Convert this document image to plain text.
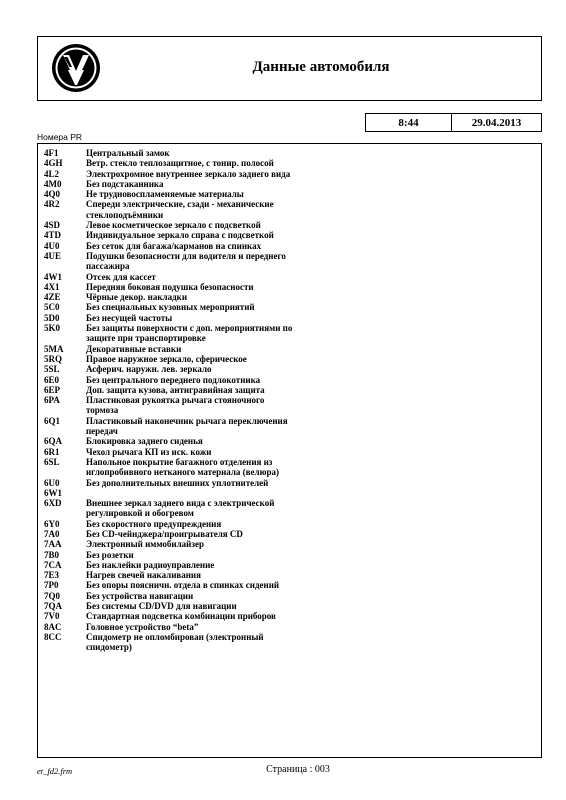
Данные автомобиля
8:44	29.04.2013
Номера PR
4F1	Центральный замок
4GH	Ветр. стекло теплозащитное, с тонир. полосой
4L2	Электрохромное внутреннее зеркало заднего вида
4M0	Без подстаканника
4Q0	Не трудновоспламеняемые материалы
4R2	Спереди электрические, сзади - механические стеклоподъёмники
4SD	Левое косметическое зеркало с подсветкой
4TD	Индивидуальное зеркало справа с подсветкой
4U0	Без сеток для багажа/карманов на спинках
4UE	Подушки безопасности для водителя и переднего пассажира
4W1	Отсек для кассет
4X1	Передняя боковая подушка безопасности
4ZE	Чёрные декор. накладки
5C0	Без специальных кузовных мероприятий
5D0	Без несущей частоты
5K0	Без защиты поверхности с доп. мероприятиями по защите при транспортировке
5MA	Декоративные вставки
5RQ	Правое наружное зеркало, сферическое
5SL	Асферич. наружн. лев. зеркало
6E0	Без центрального переднего подлокотника
6EP	Доп. защита кузова, антигравийная защита
6PA	Пластиковая рукоятка рычага стояночного тормоза
6Q1	Пластиковый наконечник рычага переключения передач
6QA	Блокировка заднего сиденья
6R1	Чехол рычага КП из иск. кожи
6SL	Напольное покрытие багажного отделения из иглопробивного нетканого материала (велюра)
6U0	Без дополнительных внешних уплотнителей
6W1
6XD	Внешнее зеркал заднего вида с электрической регулировкой и обогревом
6Y0	Без скоростного предупреждения
7A0	Без CD-чейнджера/проигрывателя CD
7AA	Электронный иммобилайзер
7B0	Без розетки
7CA	Без наклейки радиоуправление
7E3	Нагрев свечей накаливания
7P0	Без опоры поясничн. отдела в спинках сидений
7Q0	Без устройства навигации
7QA	Без системы CD/DVD для навигации
7V0	Стандартная подсветка комбинации приборов
8AC	Головное устройство “beta”
8CC	Спидометр не опломбирован (электронный спидометр)
et_fd2.frm	Страница : 003
